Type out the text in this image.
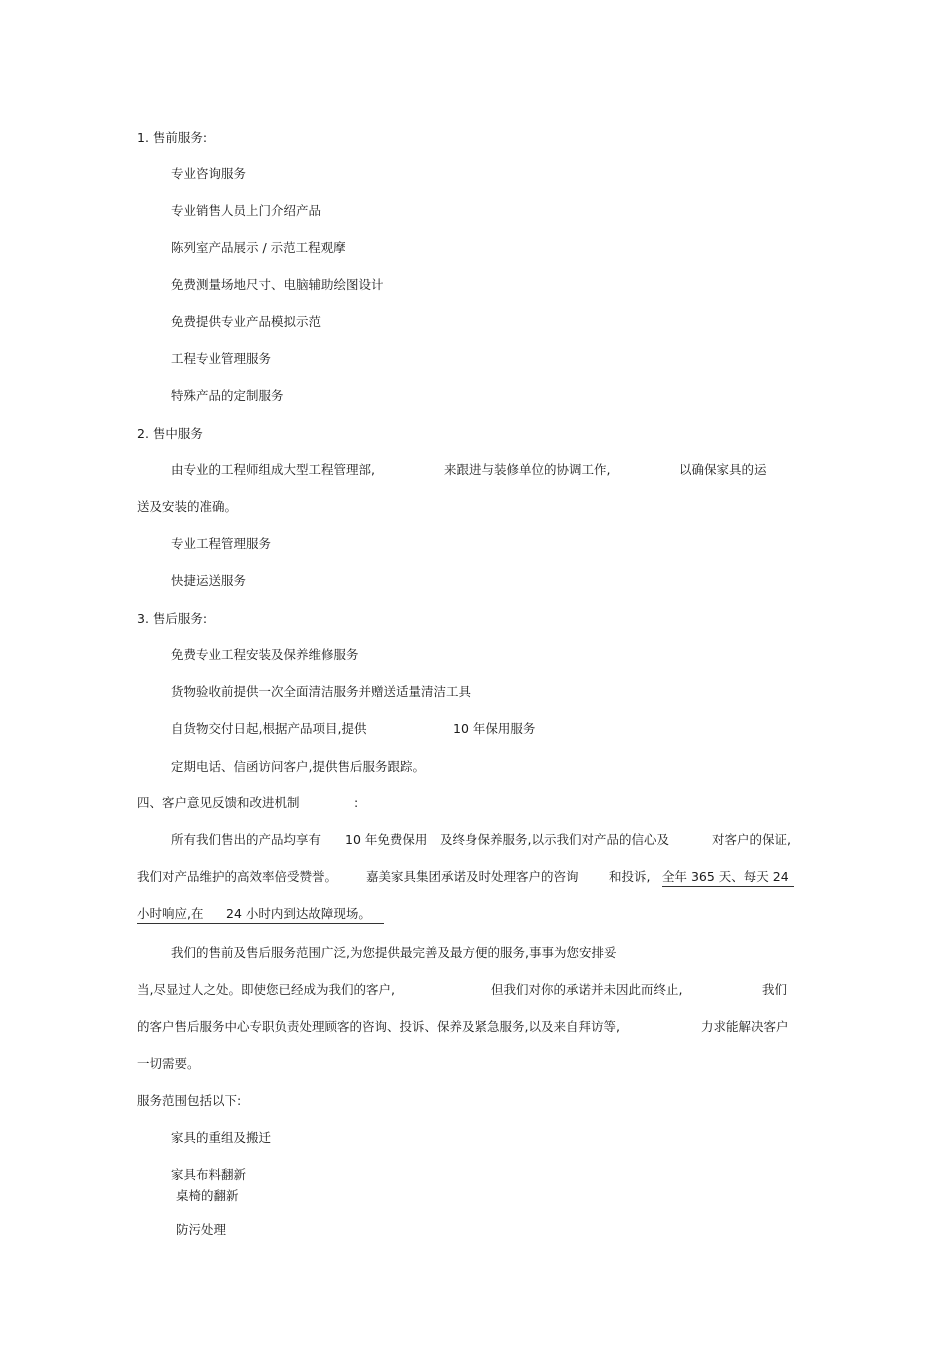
1. 售前服务:
专业咨询服务
专业销售人员上门介绍产品
陈列室产品展示 / 示范工程观摩
免费测量场地尺寸、电脑辅助绘图设计
免费提供专业产品模拟示范
工程专业管理服务
特殊产品的定制服务
2. 售中服务
由专业的工程师组成大型工程管理部,	来跟进与装修单位的协调工作,	以确保家具的运
送及安装的准确。
专业工程管理服务
快捷运送服务
3. 售后服务:
免费专业工程安装及保养维修服务
货物验收前提供一次全面清洁服务并赠送适量清洁工具
自货物交付日起,根据产品项目,提供	10 年保用服务
定期电话、信函访问客户,提供售后服务跟踪。
四、客户意见反馈和改进机制	:
所有我们售出的产品均享有 10 年免费保用 及终身保养服务,以示我们对产品的信心及	对客户的保证,
我们对产品维护的高效率倍受赞誉。 嘉美家具集团承诺及时处理客户的咨询 和投诉, 全年 365 天、每天 24
小时响应,在	24 小时内到达故障现场。
我们的售前及售后服务范围广泛,为您提供最完善及最方便的服务,事事为您安排妥
当,尽显过人之处。即使您已经成为我们的客户,	但我们对你的承诺并未因此而终止,	我们
的客户售后服务中心专职负责处理顾客的咨询、投诉、保养及紧急服务,以及来自拜访等,	力求能解决客户
一切需要。
服务范围包括以下:
家具的重组及搬迁
家具布料翻新
桌椅的翻新
防污处理
